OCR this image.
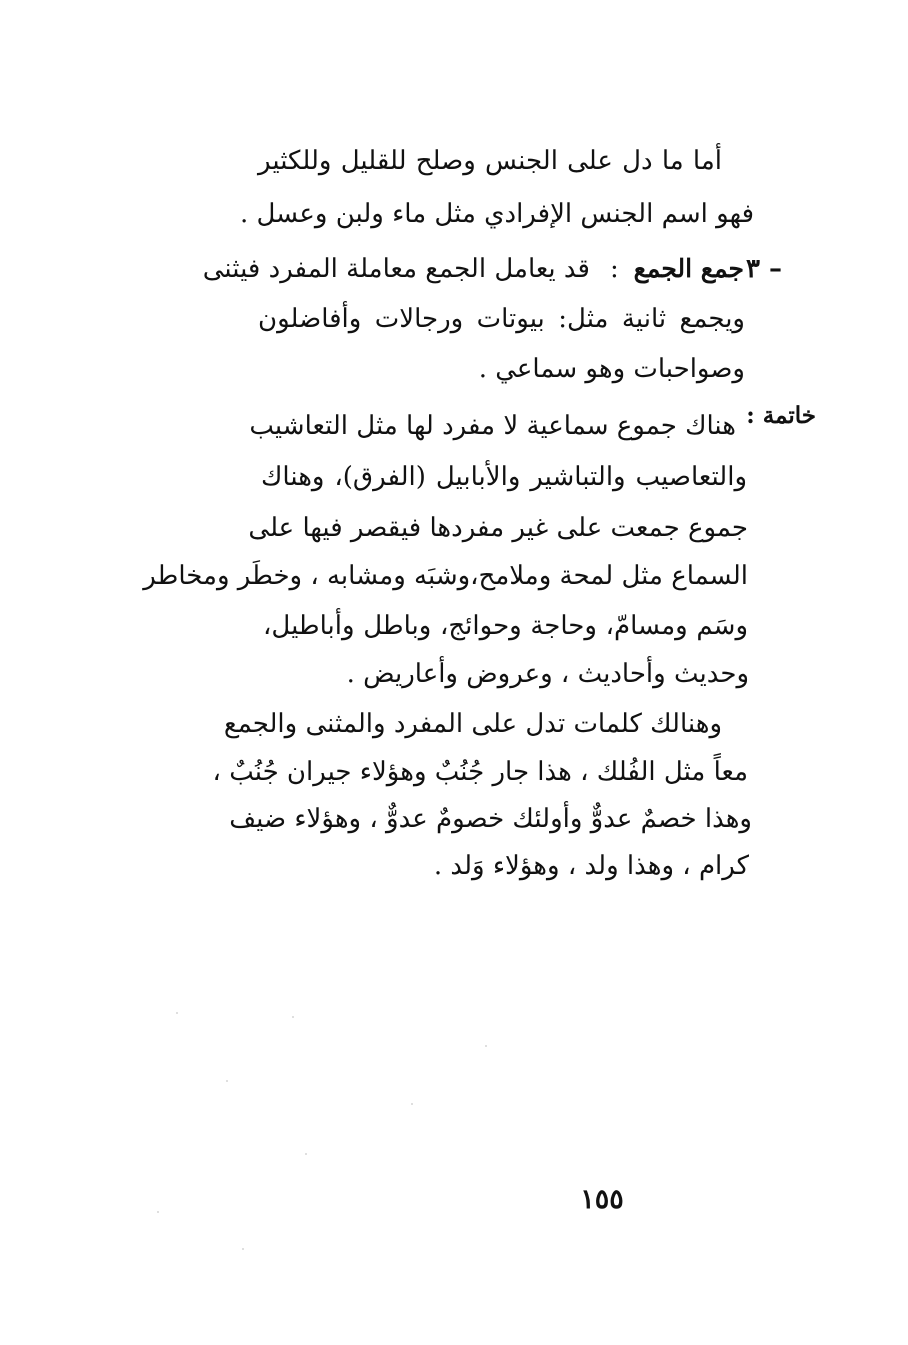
أما ما دل على الجنس وصلح للقليل وللكثير
فهو اسم الجنس الإفرادي مثل ماء ولبن وعسل .
٣ –
جمع الجمع
:
قد يعامل الجمع معاملة المفرد فيثنى
ويجمع ثانية مثل: بيوتات ورجالات وأفاضلون
وصواحبات وهو سماعي .
خاتمة :
هناك جموع سماعية لا مفرد لها مثل التعاشيب
والتعاصيب والتباشير والأبابيل (الفرق)، وهناك
جموع جمعت على غير مفردها فيقصر فيها على
السماع مثل لمحة وملامح،وشبَه ومشابه ، وخطَر ومخاطر
وسَم ومسامّ، وحاجة وحوائج، وباطل وأباطيل،
وحديث وأحاديث ، وعروض وأعاريض .
وهنالك كلمات تدل على المفرد والمثنى والجمع
معاً مثل الفُلك ، هذا جار جُنُبٌ وهؤلاء جيران جُنُبٌ ،
وهذا خصمٌ عدوٌّ وأولئك خصومٌ عدوٌّ ، وهؤلاء ضيف
كرام ، وهذا ولد ، وهؤلاء وَلد .
١٥٥
